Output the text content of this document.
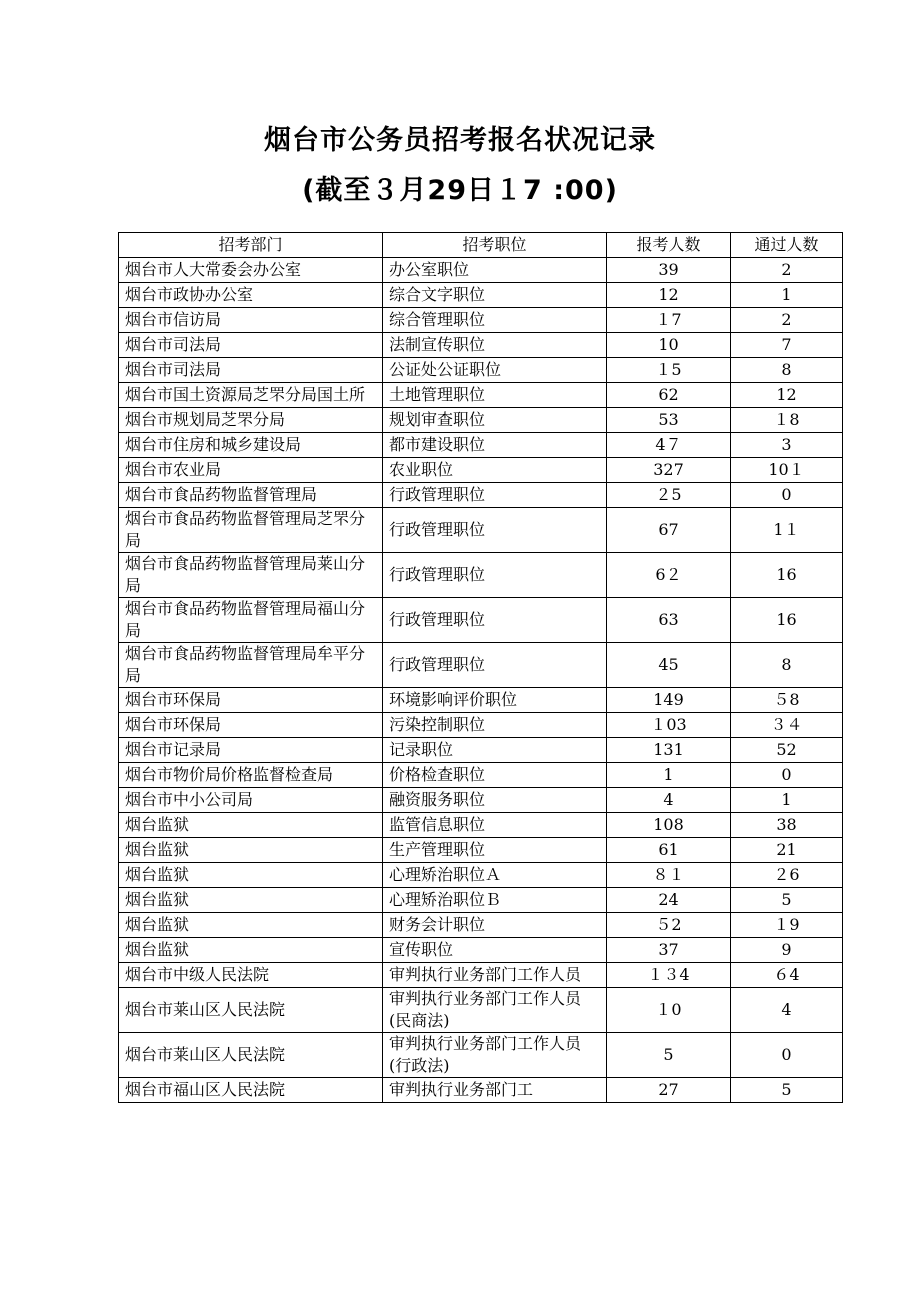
烟台市公务员招考报名状况记录
(截至３月29日１7 :00)
招考部门	招考职位	报考人数	通过人数
烟台市人大常委会办公室	办公室职位	39	2
烟台市政协办公室	综合文字职位	12	1
烟台市信访局	综合管理职位	１7	2
烟台市司法局	法制宣传职位	10	7
烟台市司法局	公证处公证职位	１5	8
烟台市国土资源局芝罘分局国土所	土地管理职位	62	12
烟台市规划局芝罘分局	规划审查职位	53	１8
烟台市住房和城乡建设局	都市建设职位	4７	3
烟台市农业局	农业职位	327	10１
烟台市食品药物监督管理局	行政管理职位	２5	0
烟台市食品药物监督管理局芝罘分局	行政管理职位	67	1１
烟台市食品药物监督管理局莱山分局	行政管理职位	6２	16
烟台市食品药物监督管理局福山分局	行政管理职位	63	16
烟台市食品药物监督管理局牟平分局	行政管理职位	45	8
烟台市环保局	环境影响评价职位	149	５8
烟台市环保局	污染控制职位	１03	３４
烟台市记录局	记录职位	131	52
烟台市物价局价格监督检查局	价格检查职位	1	0
烟台市中小公司局	融资服务职位	4	1
烟台监狱	监管信息职位	108	38
烟台监狱	生产管理职位	61	21
烟台监狱	心理矫治职位Ａ	８１	２6
烟台监狱	心理矫治职位Ｂ	24	5
烟台监狱	财务会计职位	５2	１9
烟台监狱	宣传职位	37	9
烟台市中级人民法院	审判执行业务部门工作人员	１３4	６4
烟台市莱山区人民法院	审判执行业务部门工作人员(民商法)	１0	4
烟台市莱山区人民法院	审判执行业务部门工作人员(行政法)	5	0
烟台市福山区人民法院	审判执行业务部门工	27	5
